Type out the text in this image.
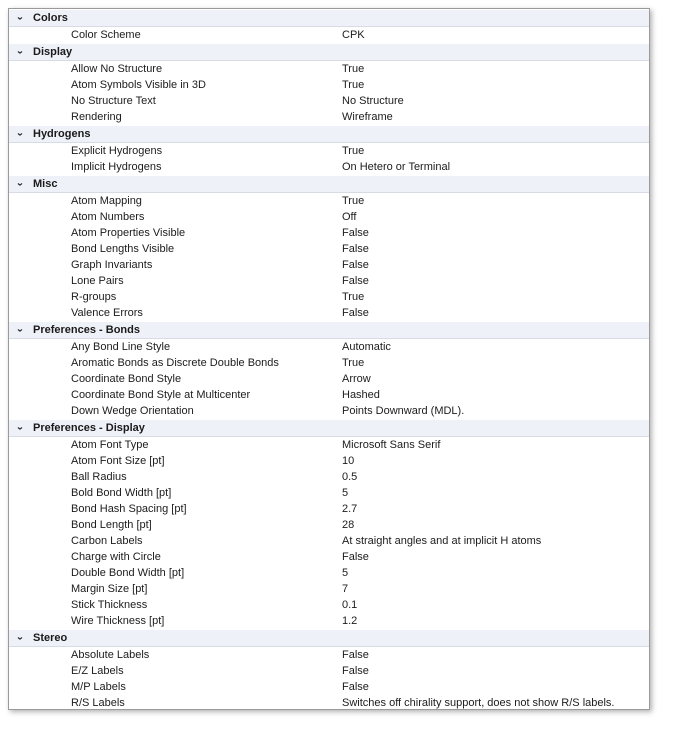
⌄	Colors	
	Color Scheme	CPK
⌄	Display	
	Allow No Structure	True
	Atom Symbols Visible in 3D	True
	No Structure Text	No Structure
	Rendering	Wireframe
⌄	Hydrogens	
	Explicit Hydrogens	True
	Implicit Hydrogens	On Hetero or Terminal
⌄	Misc	
	Atom Mapping	True
	Atom Numbers	Off
	Atom Properties Visible	False
	Bond Lengths Visible	False
	Graph Invariants	False
	Lone Pairs	False
	R-groups	True
	Valence Errors	False
⌄	Preferences - Bonds	
	Any Bond Line Style	Automatic
	Aromatic Bonds as Discrete Double Bonds	True
	Coordinate Bond Style	Arrow
	Coordinate Bond Style at Multicenter	Hashed
	Down Wedge Orientation	Points Downward (MDL).
⌄	Preferences - Display	
	Atom Font Type	Microsoft Sans Serif
	Atom Font Size [pt]	10
	Ball Radius	0.5
	Bold Bond Width [pt]	5
	Bond Hash Spacing [pt]	2.7
	Bond Length [pt]	28
	Carbon Labels	At straight angles and at implicit H atoms
	Charge with Circle	False
	Double Bond Width [pt]	5
	Margin Size [pt]	7
	Stick Thickness	0.1
	Wire Thickness [pt]	1.2
⌄	Stereo	
	Absolute Labels	False
	E/Z Labels	False
	M/P Labels	False
	R/S Labels	Switches off chirality support, does not show R/S labels.
